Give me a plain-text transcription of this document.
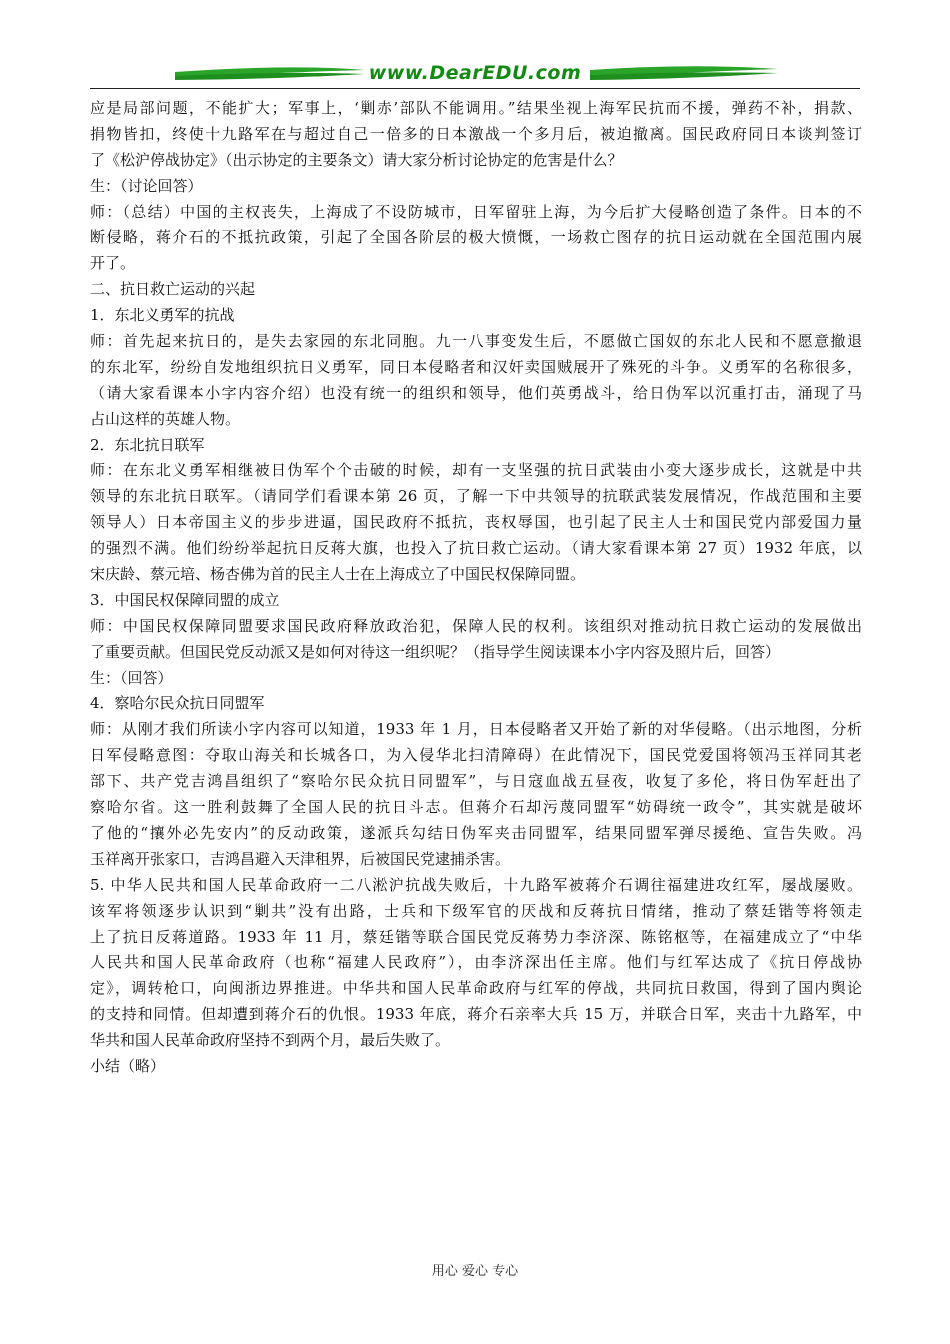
www.DearEDU.com
应是局部问题，不能扩大；军事上，‘剿赤’部队不能调用。”结果坐视上海军民抗而不援，弹药不补，捐款、
捐物皆扣，终使十九路军在与超过自己一倍多的日本激战一个多月后，被迫撤离。国民政府同日本谈判签订
了《松沪停战协定》（出示协定的主要条文）请大家分析讨论协定的危害是什么？
生：（讨论回答）
师：（总结）中国的主权丧失，上海成了不设防城市，日军留驻上海，为今后扩大侵略创造了条件。日本的不
断侵略，蒋介石的不抵抗政策，引起了全国各阶层的极大愤慨，一场救亡图存的抗日运动就在全国范围内展
开了。
二、抗日救亡运动的兴起
1．东北义勇军的抗战
师：首先起来抗日的，是失去家园的东北同胞。九一八事变发生后，不愿做亡国奴的东北人民和不愿意撤退
的东北军，纷纷自发地组织抗日义勇军，同日本侵略者和汉奸卖国贼展开了殊死的斗争。义勇军的名称很多，
（请大家看课本小字内容介绍）也没有统一的组织和领导，他们英勇战斗，给日伪军以沉重打击，涌现了马
占山这样的英雄人物。
2．东北抗日联军
师：在东北义勇军相继被日伪军个个击破的时候，却有一支坚强的抗日武装由小变大逐步成长，这就是中共
领导的东北抗日联军。（请同学们看课本第 26 页，了解一下中共领导的抗联武装发展情况，作战范围和主要
领导人）日本帝国主义的步步进逼，国民政府不抵抗，丧权辱国，也引起了民主人士和国民党内部爱国力量
的强烈不满。他们纷纷举起抗日反蒋大旗，也投入了抗日救亡运动。（请大家看课本第 27 页）1932 年底，以
宋庆龄、蔡元培、杨杏佛为首的民主人士在上海成立了中国民权保障同盟。
3．中国民权保障同盟的成立
师：中国民权保障同盟要求国民政府释放政治犯，保障人民的权利。该组织对推动抗日救亡运动的发展做出
了重要贡献。但国民党反动派又是如何对待这一组织呢？（指导学生阅读课本小字内容及照片后，回答）
生：（回答）
4．察哈尔民众抗日同盟军
师：从刚才我们所读小字内容可以知道，1933 年 1 月，日本侵略者又开始了新的对华侵略。（出示地图，分析
日军侵略意图：夺取山海关和长城各口，为入侵华北扫清障碍）在此情况下，国民党爱国将领冯玉祥同其老
部下、共产党吉鸿昌组织了“察哈尔民众抗日同盟军”，与日寇血战五昼夜，收复了多伦，将日伪军赶出了
察哈尔省。这一胜利鼓舞了全国人民的抗日斗志。但蒋介石却污蔑同盟军“妨碍统一政令”，其实就是破坏
了他的“攘外必先安内”的反动政策，遂派兵勾结日伪军夹击同盟军，结果同盟军弹尽援绝、宣告失败。冯
玉祥离开张家口，吉鸿昌避入天津租界，后被国民党逮捕杀害。
5. 中华人民共和国人民革命政府一二八淞沪抗战失败后，十九路军被蒋介石调往福建进攻红军，屡战屡败。
该军将领逐步认识到“剿共”没有出路，士兵和下级军官的厌战和反蒋抗日情绪，推动了蔡廷锴等将领走
上了抗日反蒋道路。1933 年 11 月，蔡廷锴等联合国民党反蒋势力李济深、陈铭枢等，在福建成立了“中华
人民共和国人民革命政府（也称“福建人民政府”），由李济深出任主席。他们与红军达成了《抗日停战协
定》，调转枪口，向闽浙边界推进。中华共和国人民革命政府与红军的停战，共同抗日救国，得到了国内舆论
的支持和同情。但却遭到蒋介石的仇恨。1933 年底，蒋介石亲率大兵 15 万，并联合日军，夹击十九路军，中
华共和国人民革命政府坚持不到两个月，最后失败了。
小结（略）
用心 爱心 专心
